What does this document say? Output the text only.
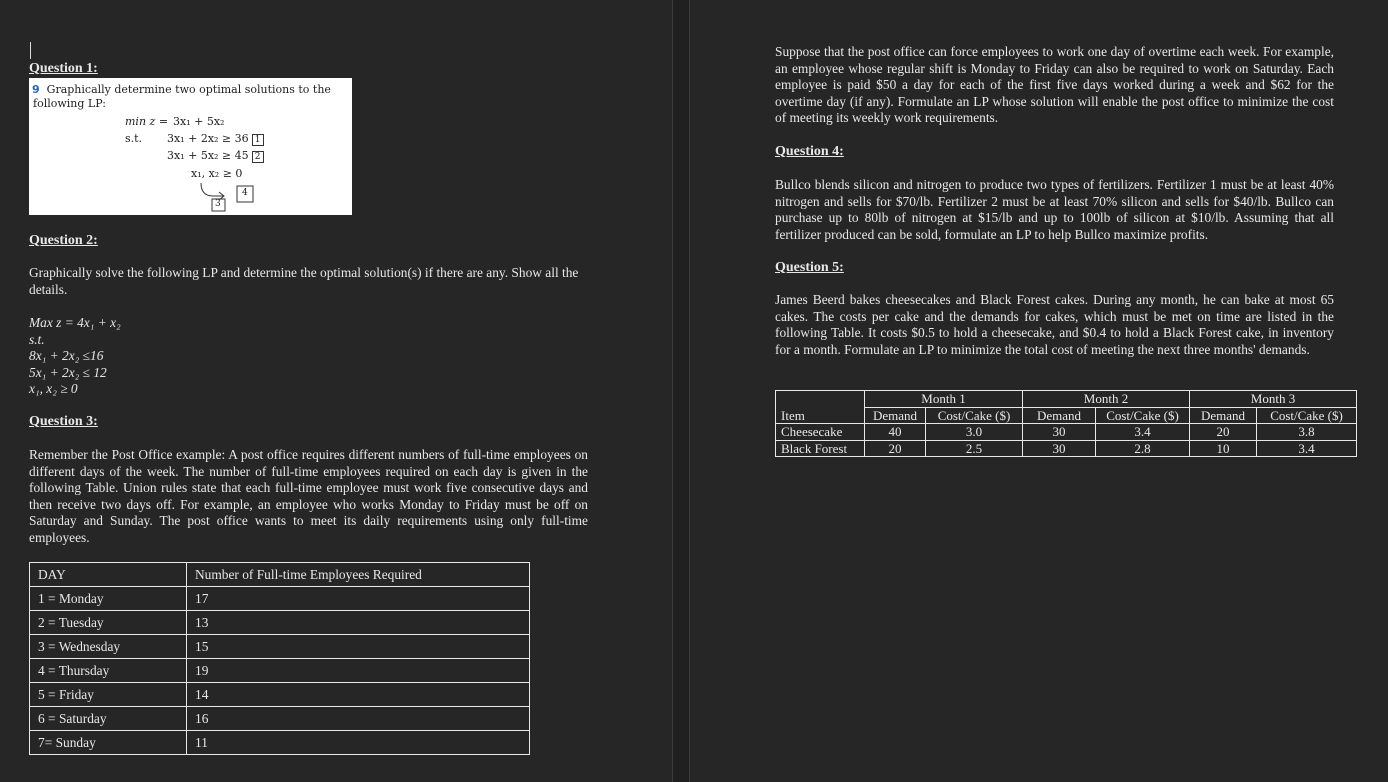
Question 1:
9 Graphically determine two optimal solutions to the
following LP:
min z = 3x₁ + 5x₂
s.t. 3x₁ + 2x₂ ≥ 36 1
3x₁ + 5x₂ ≥ 45 2
x₁, x₂ ≥ 0
3
4
Question 2:
Graphically solve the following LP and determine the optimal solution(s) if there are any. Show all the details.
Max z = 4x₁ + x₂
s.t.
8x₁ + 2x₂ ≤16
5x₁ + 2x₂ ≤ 12
x₁, x₂ ≥ 0
Question 3:
Remember the Post Office example: A post office requires different numbers of full-time employees on different days of the week. The number of full-time employees required on each day is given in the following Table. Union rules state that each full-time employee must work five consecutive days and then receive two days off. For example, an employee who works Monday to Friday must be off on Saturday and Sunday. The post office wants to meet its daily requirements using only full-time employees.
DAY	Number of Full-time Employees Required
1 = Monday	17
2 = Tuesday	13
3 = Wednesday	15
4 = Thursday	19
5 = Friday	14
6 = Saturday	16
7= Sunday	11
Suppose that the post office can force employees to work one day of overtime each week. For example, an employee whose regular shift is Monday to Friday can also be required to work on Saturday. Each employee is paid $50 a day for each of the first five days worked during a week and $62 for the overtime day (if any). Formulate an LP whose solution will enable the post office to minimize the cost of meeting its weekly work requirements.
Question 4:
Bullco blends silicon and nitrogen to produce two types of fertilizers. Fertilizer 1 must be at least 40% nitrogen and sells for $70/lb. Fertilizer 2 must be at least 70% silicon and sells for $40/lb. Bullco can purchase up to 80lb of nitrogen at $15/lb and up to 100lb of silicon at $10/lb. Assuming that all fertilizer produced can be sold, formulate an LP to help Bullco maximize profits.
Question 5:
James Beerd bakes cheesecakes and Black Forest cakes. During any month, he can bake at most 65 cakes. The costs per cake and the demands for cakes, which must be met on time are listed in the following Table. It costs $0.5 to hold a cheesecake, and $0.4 to hold a Black Forest cake, in inventory for a month. Formulate an LP to minimize the total cost of meeting the next three months' demands.
	Month 1		Month 2		Month 3	
Item	Demand	Cost/Cake ($)	Demand	Cost/Cake ($)	Demand	Cost/Cake ($)
Cheesecake	40	3.0	30	3.4	20	3.8
Black Forest	20	2.5	30	2.8	10	3.4
